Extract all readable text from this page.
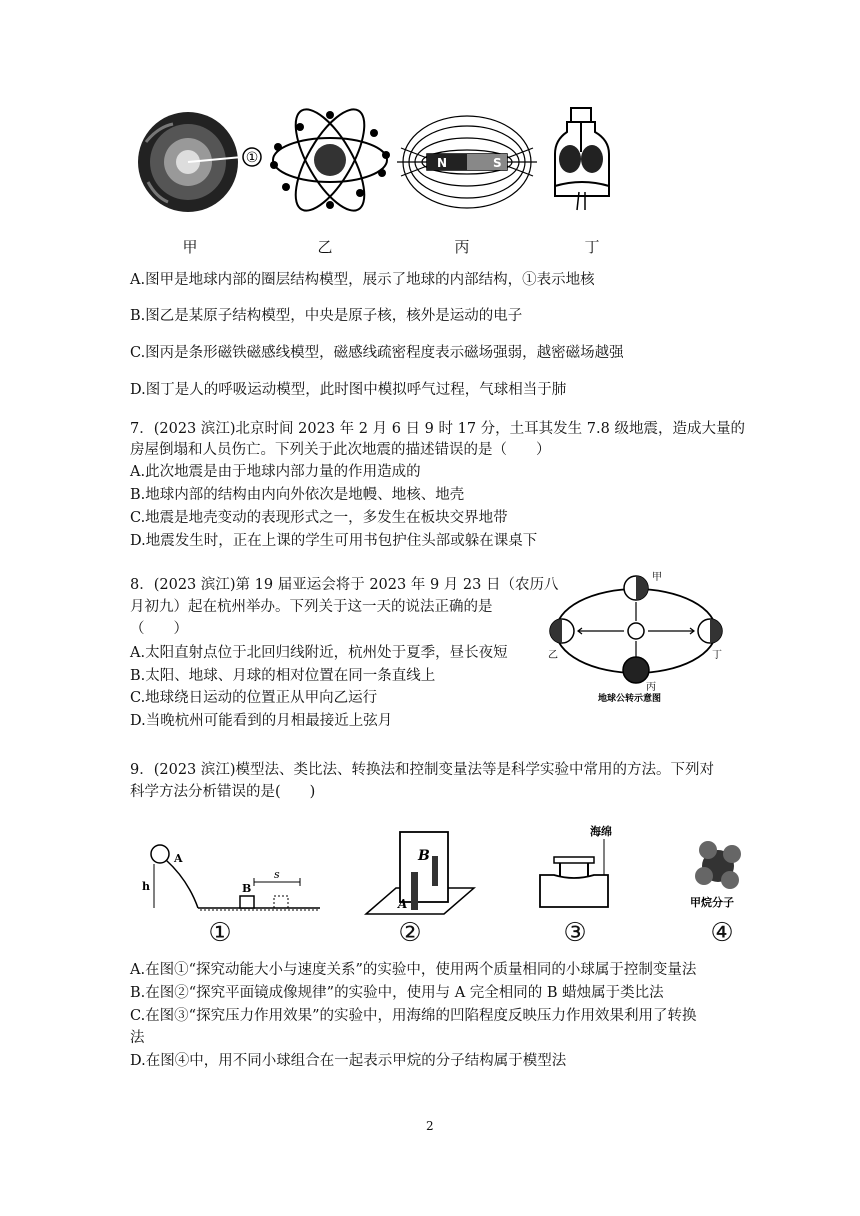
①	N	S
甲	乙	丙	丁
A.图甲是地球内部的圈层结构模型，展示了地球的内部结构，①表示地核
B.图乙是某原子结构模型，中央是原子核，核外是运动的电子
C.图丙是条形磁铁磁感线模型，磁感线疏密程度表示磁场强弱，越密磁场越强
D.图丁是人的呼吸运动模型，此时图中模拟呼气过程，气球相当于肺
7．(2023 滨江)北京时间 2023 年 2 月 6 日 9 时 17 分，土耳其发生 7.8 级地震，造成大量的
房屋倒塌和人员伤亡。下列关于此次地震的描述错误的是（　　）
A.此次地震是由于地球内部力量的作用造成的
B.地球内部的结构由内向外依次是地幔、地核、地壳
C.地震是地壳变动的表现形式之一，多发生在板块交界地带
D.地震发生时，正在上课的学生可用书包护住头部或躲在课桌下
8．(2023 滨江)第 19 届亚运会将于 2023 年 9 月 23 日（农历八
月初九）起在杭州举办。下列关于这一天的说法正确的是
（　　）
A.太阳直射点位于北回归线附近，杭州处于夏季，昼长夜短
B.太阳、地球、月球的相对位置在同一条直线上
C.地球绕日运动的位置正从甲向乙运行
D.当晚杭州可能看到的月相最接近上弦月
甲
乙
丙
丁
地球公转示意图
9．(2023 滨江)模型法、类比法、转换法和控制变量法等是科学实验中常用的方法。下列对
科学方法分析错误的是(　　)
A
h	B
s
B
A
海绵
甲烷分子
①	②	③	④
A.在图①“探究动能大小与速度关系”的实验中，使用两个质量相同的小球属于控制变量法
B.在图②“探究平面镜成像规律”的实验中，使用与 A 完全相同的 B 蜡烛属于类比法
C.在图③“探究压力作用效果”的实验中，用海绵的凹陷程度反映压力作用效果利用了转换
法
D.在图④中，用不同小球组合在一起表示甲烷的分子结构属于模型法
2
